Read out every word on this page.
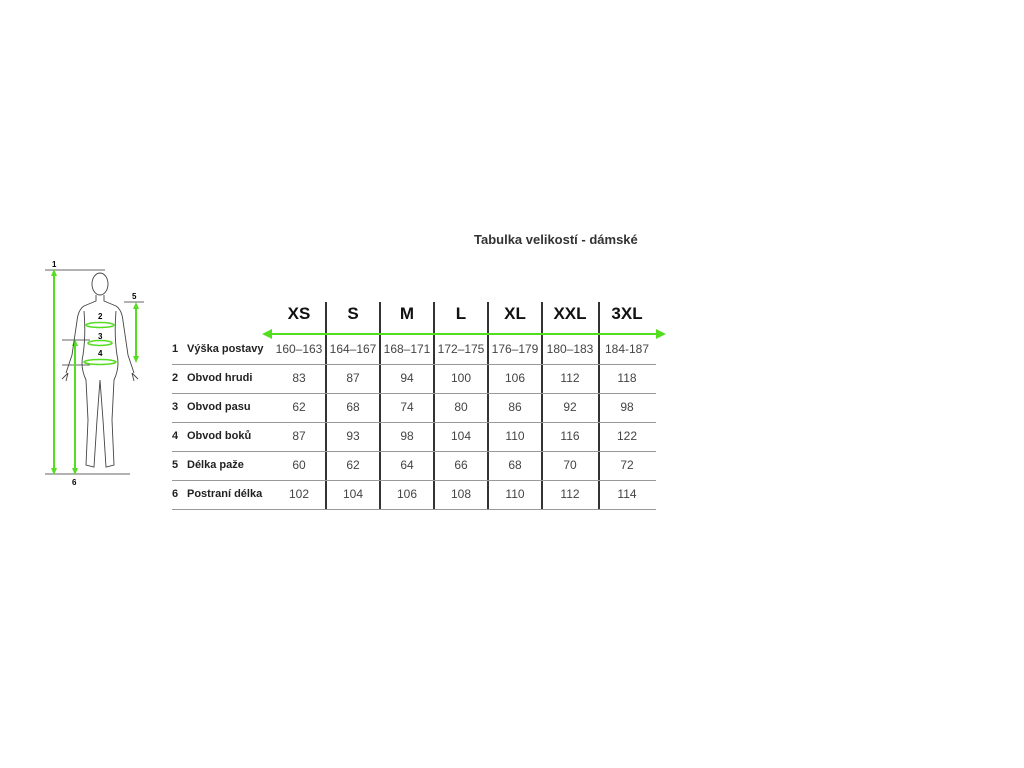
Tabulka velikostí - dámské
1
2
3
4
5
6
XS	S	M	L	XL	XXL	3XL
1 Výška postavy	160–163 164–167 168–171 172–175 176–179 180–183 184-187
2 Obvod hrudi	83	87	94	100	106	112	118
3 Obvod pasu	62	68	74	80	86	92	98
4 Obvod boků	87	93	98	104	110	116	122
5 Délka paže	60	62	64	66	68	70	72
6 Postraní délka	102	104	106	108	110	112	114
